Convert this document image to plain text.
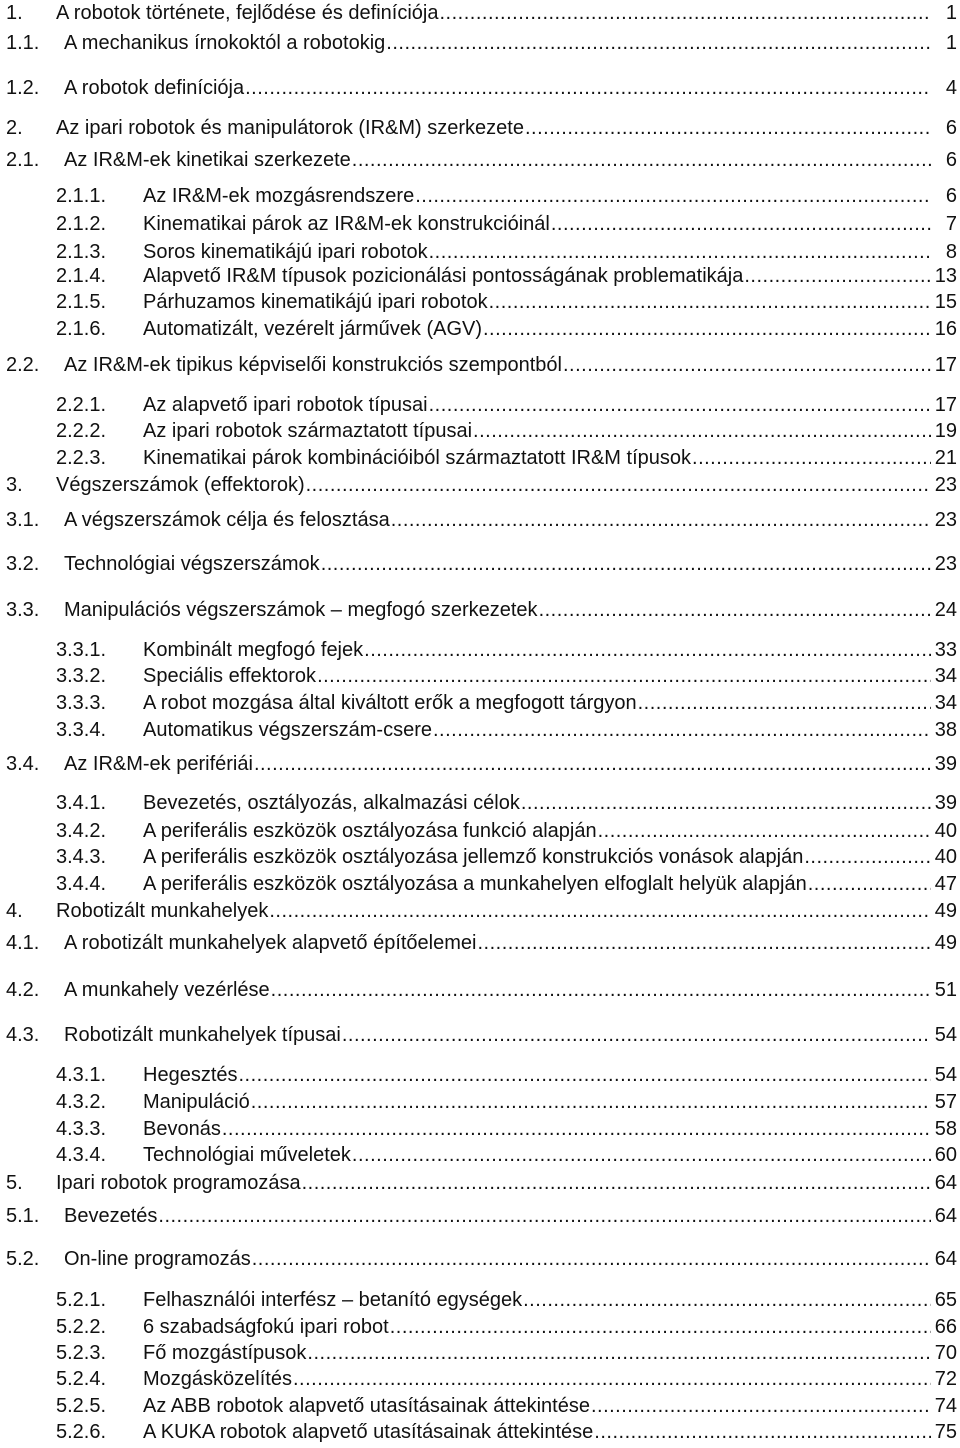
1. A robotok története, fejlődése és definíciója .....	1
1.1. A mechanikus írnokoktól a robotokig .....	1
1.2. A robotok definíciója .....	4
2. Az ipari robotok és manipulátorok (IR&M) szerkezete .....	6
2.1. Az IR&M-ek kinetikai szerkezete .....	6
2.1.1. Az IR&M-ek mozgásrendszere .....	6
2.1.2. Kinematikai párok az IR&M-ek konstrukcióinál .....	7
2.1.3. Soros kinematikájú ipari robotok .....	8
2.1.4. Alapvető IR&M típusok pozicionálási pontosságának problematikája .....	13
2.1.5. Párhuzamos kinematikájú ipari robotok .....	15
2.1.6. Automatizált, vezérelt járművek (AGV) .....	16
2.2. Az IR&M-ek tipikus képviselői konstrukciós szempontból .....	17
2.2.1. Az alapvető ipari robotok típusai .....	17
2.2.2. Az ipari robotok származtatott típusai .....	19
2.2.3. Kinematikai párok kombinációiból származtatott IR&M típusok .....	21
3. Végszerszámok (effektorok) .....	23
3.1. A végszerszámok célja és felosztása .....	23
3.2. Technológiai végszerszámok .....	23
3.3. Manipulációs végszerszámok – megfogó szerkezetek .....	24
3.3.1. Kombinált megfogó fejek .....	33
3.3.2. Speciális effektorok .....	34
3.3.3. A robot mozgása által kiváltott erők a megfogott tárgyon .....	34
3.3.4. Automatikus végszerszám-csere .....	38
3.4. Az IR&M-ek perifériái .....	39
3.4.1. Bevezetés, osztályozás, alkalmazási célok .....	39
3.4.2. A periferális eszközök osztályozása funkció alapján .....	40
3.4.3. A periferális eszközök osztályozása jellemző konstrukciós vonások alapján .....	40
3.4.4. A periferális eszközök osztályozása a munkahelyen elfoglalt helyük alapján .....	47
4. Robotizált munkahelyek .....	49
4.1. A robotizált munkahelyek alapvető építőelemei .....	49
4.2. A munkahely vezérlése .....	51
4.3. Robotizált munkahelyek típusai .....	54
4.3.1. Hegesztés .....	54
4.3.2. Manipuláció .....	57
4.3.3. Bevonás .....	58
4.3.4. Technológiai műveletek .....	60
5. Ipari robotok programozása .....	64
5.1. Bevezetés .....	64
5.2. On-line programozás .....	64
5.2.1. Felhasználói interfész – betanító egységek .....	65
5.2.2. 6 szabadságfokú ipari robot .....	66
5.2.3. Fő mozgástípusok .....	70
5.2.4. Mozgásközelítés .....	72
5.2.5. Az ABB robotok alapvető utasításainak áttekintése .....	74
5.2.6. A KUKA robotok alapvető utasításainak áttekintése .....	75
